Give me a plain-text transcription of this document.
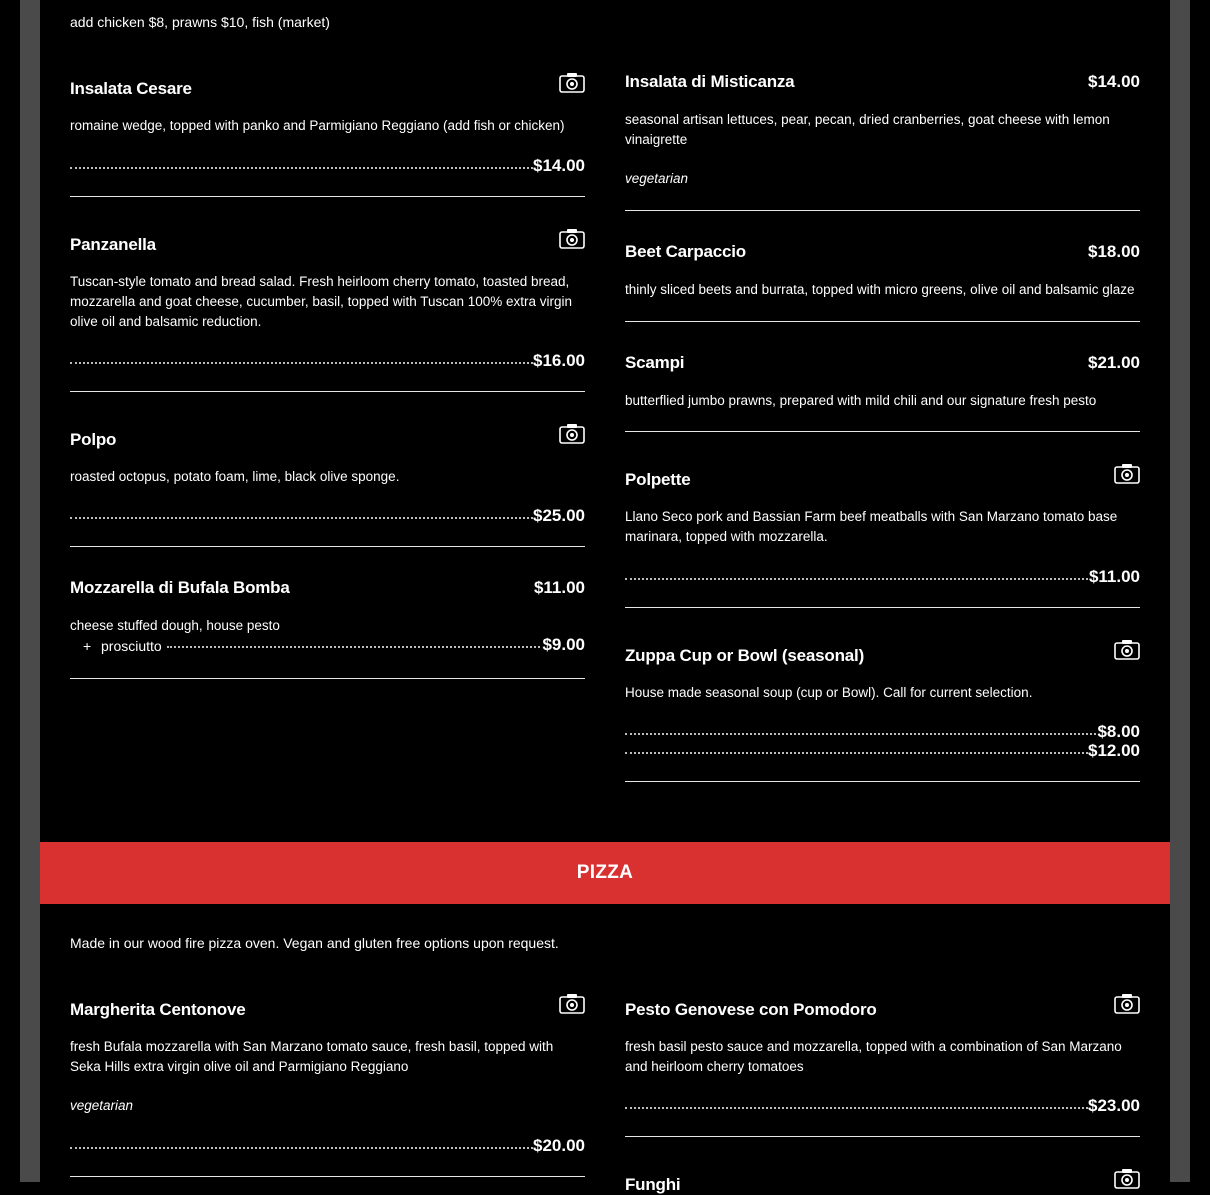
add chicken $8, prawns $10, fish (market)
Insalata Cesare
romaine wedge, topped with panko and Parmigiano Reggiano (add fish or chicken)
$14.00
Panzanella
Tuscan-style tomato and bread salad. Fresh heirloom cherry tomato, toasted bread, mozzarella and goat cheese, cucumber, basil, topped with Tuscan 100% extra virgin olive oil and balsamic reduction.
$16.00
Polpo
roasted octopus, potato foam, lime, black olive sponge.
$25.00
Mozzarella di Bufala Bomba	$11.00
cheese stuffed dough, house pesto
+ prosciutto	$9.00
Insalata di Misticanza	$14.00
seasonal artisan lettuces, pear, pecan, dried cranberries, goat cheese with lemon vinaigrette
vegetarian
Beet Carpaccio	$18.00
thinly sliced beets and burrata, topped with micro greens, olive oil and balsamic glaze
Scampi	$21.00
butterflied jumbo prawns, prepared with mild chili and our signature fresh pesto
Polpette
Llano Seco pork and Bassian Farm beef meatballs with San Marzano tomato base marinara, topped with mozzarella.
$11.00
Zuppa Cup or Bowl (seasonal)
House made seasonal soup (cup or Bowl). Call for current selection.
$8.00
$12.00
PIZZA
Made in our wood fire pizza oven. Vegan and gluten free options upon request.
Margherita Centonove
fresh Bufala mozzarella with San Marzano tomato sauce, fresh basil, topped with Seka Hills extra virgin olive oil and Parmigiano Reggiano
vegetarian
$20.00
Pesto Genovese con Pomodoro
fresh basil pesto sauce and mozzarella, topped with a combination of San Marzano and heirloom cherry tomatoes
$23.00
Funghi
